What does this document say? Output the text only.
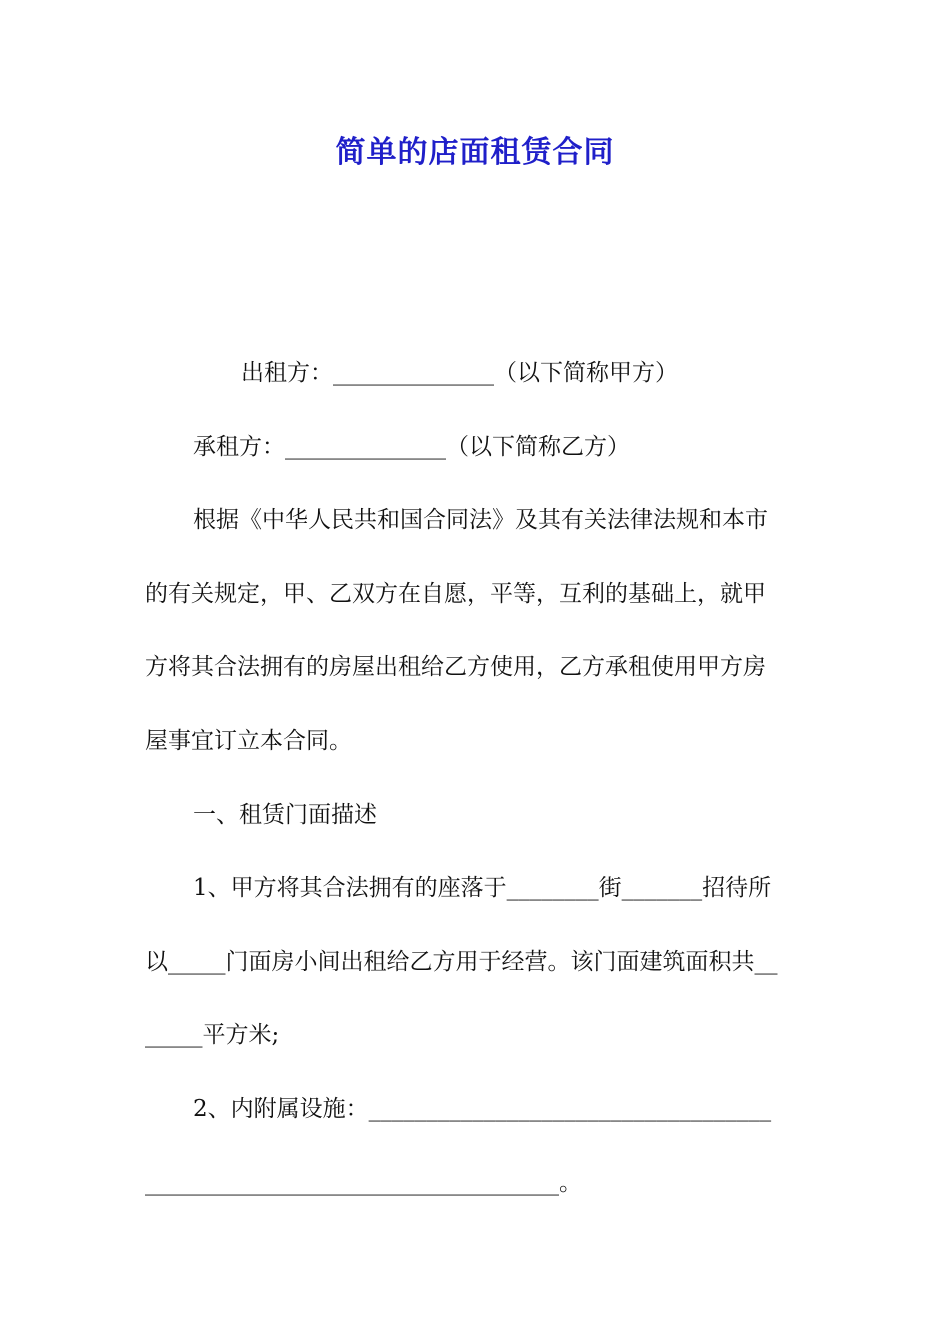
简单的店面租赁合同

出租方：______________（以下简称甲方）

承租方：______________（以下简称乙方）

根据《中华人民共和国合同法》及其有关法律法规和本市

的有关规定，甲、乙双方在自愿，平等，互利的基础上，就甲

方将其合法拥有的房屋出租给乙方使用，乙方承租使用甲方房

屋事宜订立本合同。

一、租赁门面描述

1、甲方将其合法拥有的座落于________街_______招待所

以_____门面房小间出租给乙方用于经营。该门面建筑面积共__

_____平方米;

2、内附属设施：___________________________________

____________________________________。
